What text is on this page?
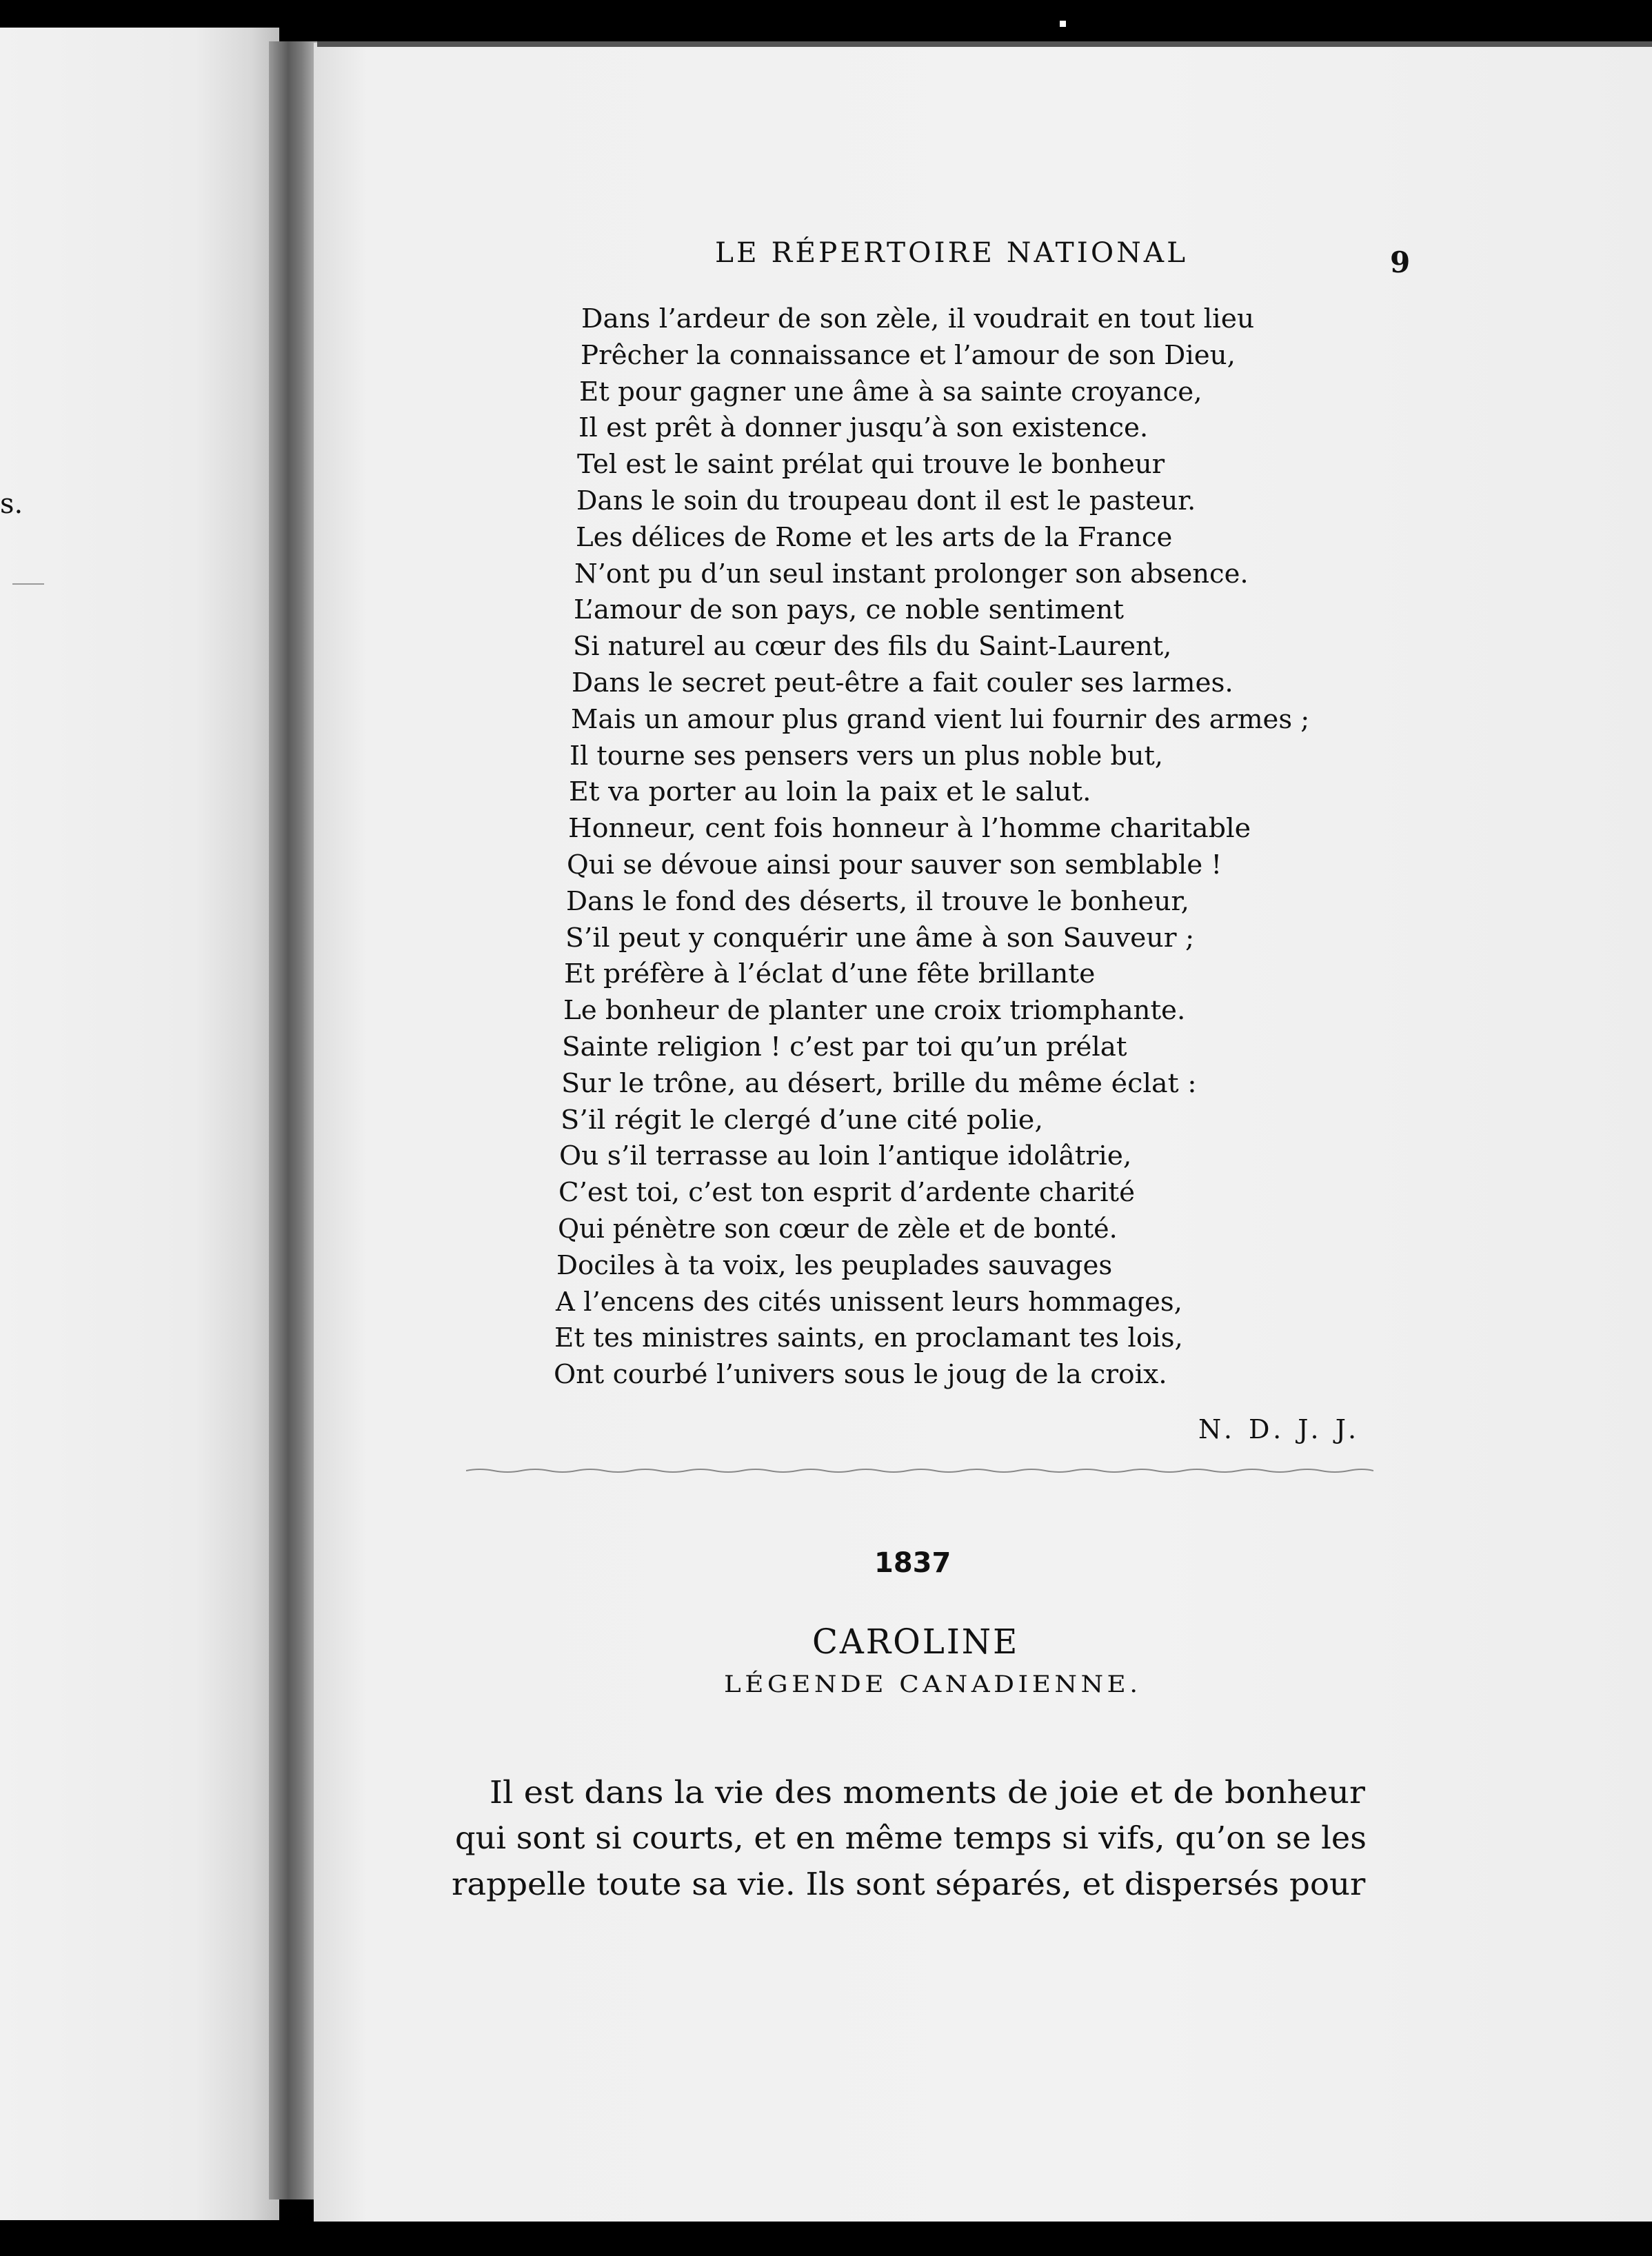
s.
LE RÉPERTOIRE NATIONAL	9
Dans l’ardeur de son zèle, il voudrait en tout lieu
Prêcher la connaissance et l’amour de son Dieu,
Et pour gagner une âme à sa sainte croyance,
Il est prêt à donner jusqu’à son existence.
Tel est le saint prélat qui trouve le bonheur
Dans le soin du troupeau dont il est le pasteur.
Les délices de Rome et les arts de la France
N’ont pu d’un seul instant prolonger son absence.
L’amour de son pays, ce noble sentiment
Si naturel au cœur des fils du Saint-Laurent,
Dans le secret peut-être a fait couler ses larmes.
Mais un amour plus grand vient lui fournir des armes ;
Il tourne ses pensers vers un plus noble but,
Et va porter au loin la paix et le salut.
Honneur, cent fois honneur à l’homme charitable
Qui se dévoue ainsi pour sauver son semblable !
Dans le fond des déserts, il trouve le bonheur,
S’il peut y conquérir une âme à son Sauveur ;
Et préfère à l’éclat d’une fête brillante
Le bonheur de planter une croix triomphante.
Sainte religion ! c’est par toi qu’un prélat
Sur le trône, au désert, brille du même éclat :
S’il régit le clergé d’une cité polie,
Ou s’il terrasse au loin l’antique idolâtrie,
C’est toi, c’est ton esprit d’ardente charité
Qui pénètre son cœur de zèle et de bonté.
Dociles à ta voix, les peuplades sauvages
A l’encens des cités unissent leurs hommages,
Et tes ministres saints, en proclamant tes lois,
Ont courbé l’univers sous le joug de la croix.
N. D. J. J.
1837
CAROLINE
LÉGENDE CANADIENNE.
Il est dans la vie des moments de joie et de bonheur
qui sont si courts, et en même temps si vifs, qu’on se les
rappelle toute sa vie. Ils sont séparés, et dispersés pour
